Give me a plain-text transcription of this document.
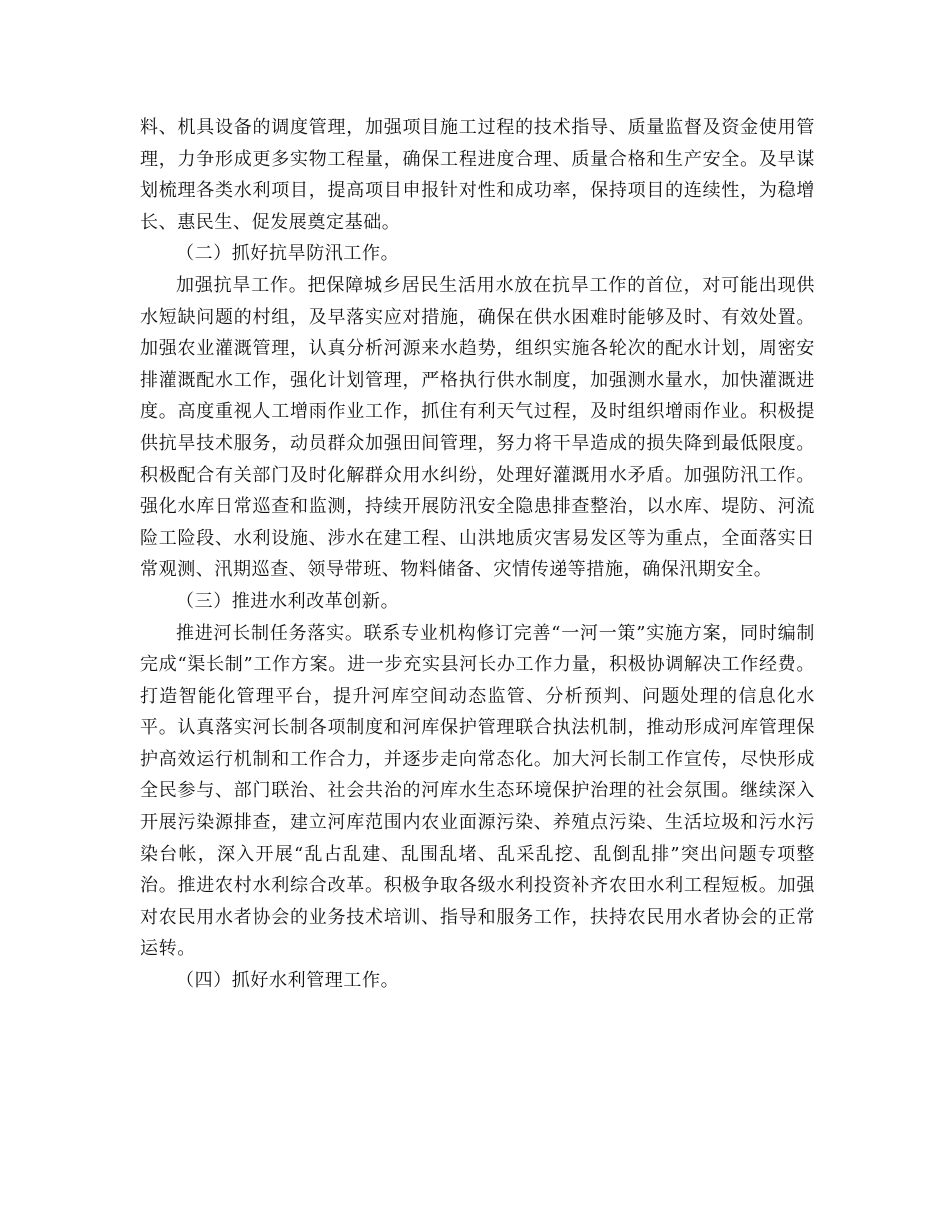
料、机具设备的调度管理，加强项目施工过程的技术指导、质量监督及资金使用管理，力争形成更多实物工程量，确保工程进度合理、质量合格和生产安全。及早谋划梳理各类水利项目，提高项目申报针对性和成功率，保持项目的连续性，为稳增长、惠民生、促发展奠定基础。

（二）抓好抗旱防汛工作。

加强抗旱工作。把保障城乡居民生活用水放在抗旱工作的首位，对可能出现供水短缺问题的村组，及早落实应对措施，确保在供水困难时能够及时、有效处置。加强农业灌溉管理，认真分析河源来水趋势，组织实施各轮次的配水计划，周密安排灌溉配水工作，强化计划管理，严格执行供水制度，加强测水量水，加快灌溉进度。高度重视人工增雨作业工作，抓住有利天气过程，及时组织增雨作业。积极提供抗旱技术服务，动员群众加强田间管理，努力将干旱造成的损失降到最低限度。积极配合有关部门及时化解群众用水纠纷，处理好灌溉用水矛盾。加强防汛工作。强化水库日常巡查和监测，持续开展防汛安全隐患排查整治，以水库、堤防、河流险工险段、水利设施、涉水在建工程、山洪地质灾害易发区等为重点，全面落实日常观测、汛期巡查、领导带班、物料储备、灾情传递等措施，确保汛期安全。

（三）推进水利改革创新。

推进河长制任务落实。联系专业机构修订完善“一河一策”实施方案，同时编制完成“渠长制”工作方案。进一步充实县河长办工作力量，积极协调解决工作经费。打造智能化管理平台，提升河库空间动态监管、分析预判、问题处理的信息化水平。认真落实河长制各项制度和河库保护管理联合执法机制，推动形成河库管理保护高效运行机制和工作合力，并逐步走向常态化。加大河长制工作宣传，尽快形成全民参与、部门联治、社会共治的河库水生态环境保护治理的社会氛围。继续深入开展污染源排查，建立河库范围内农业面源污染、养殖点污染、生活垃圾和污水污染台帐，深入开展“乱占乱建、乱围乱堵、乱采乱挖、乱倒乱排”突出问题专项整治。推进农村水利综合改革。积极争取各级水利投资补齐农田水利工程短板。加强对农民用水者协会的业务技术培训、指导和服务工作，扶持农民用水者协会的正常运转。

（四）抓好水利管理工作。
